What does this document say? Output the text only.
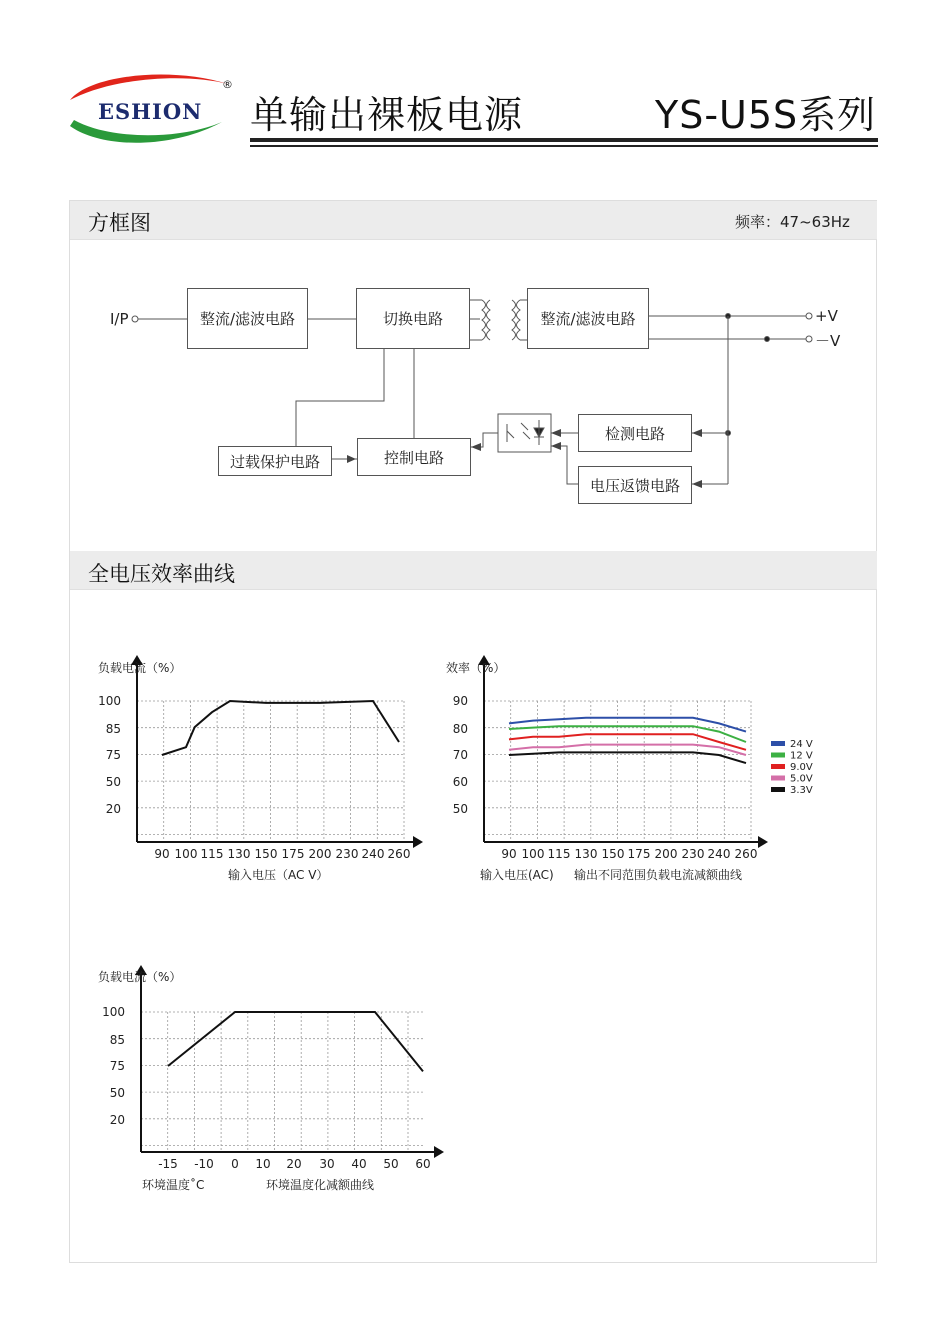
ESHION
®
单输出裸板电源	YS-U5S系列
方框图	频率：47~63Hz
I/P	+V
－V
整流/滤波电路	切换电路	整流/滤波电路
检测电路
过载保护电路	控制电路
电压返馈电路
全电压效率曲线
100
85
75
50
20
90 100 115 130 150 175 200 230 240 260
90
80
70
60
50
90 100 115 130 150 175 200 230 240 260
24 V
12 V
9.0V
5.0V
3.3V
100
85
75
50
20
-15 -10 0 10 20 30 40 50 60
负载电流（%）
输入电压（AC V）
效率（%）
输入电压(AC) 输出不同范围负载电流减额曲线
负载电流（%）
环境温度˚C	环境温度化减额曲线
